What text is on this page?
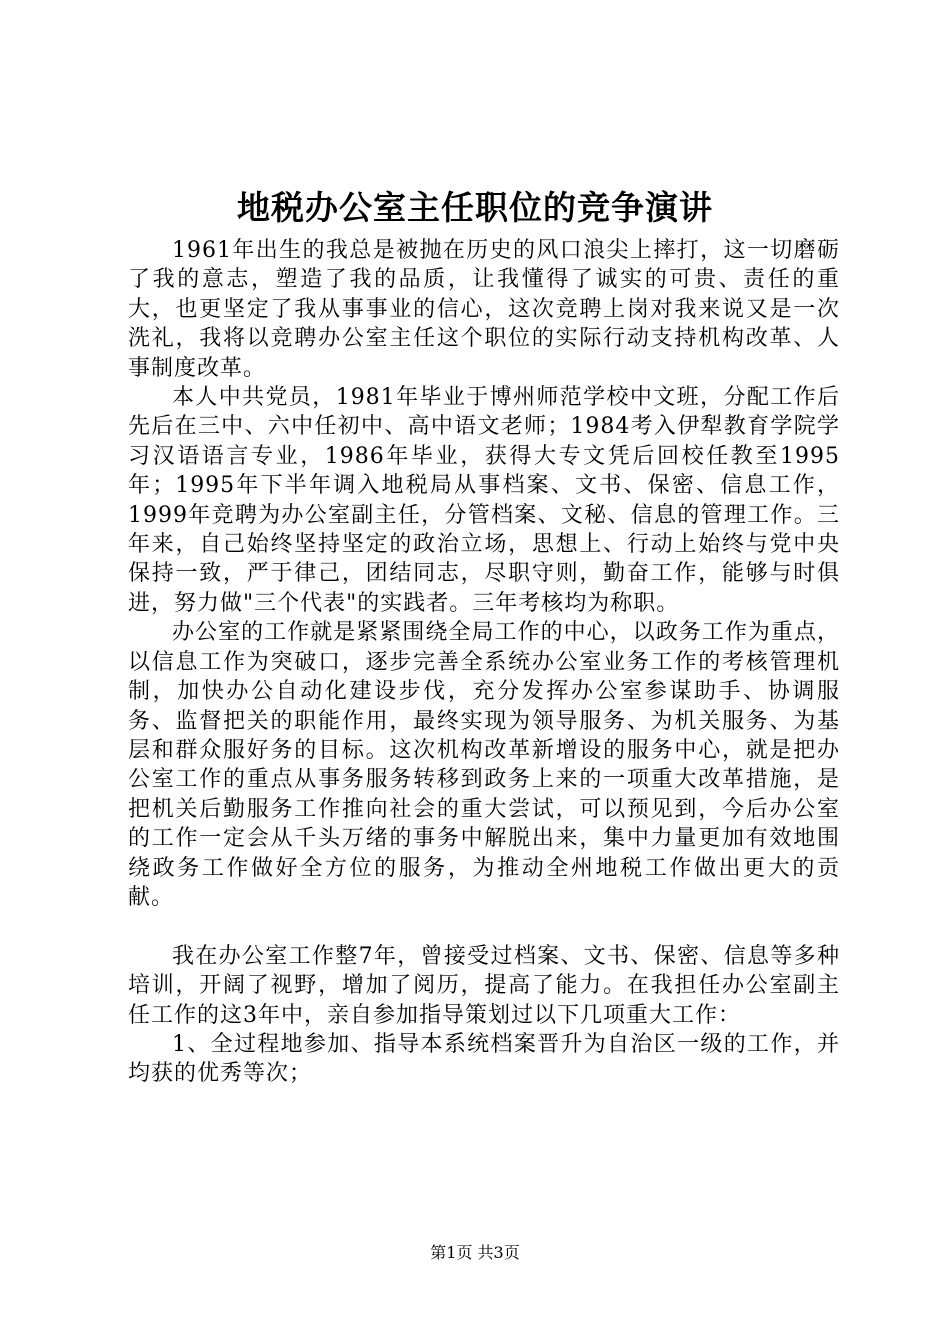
地税办公室主任职位的竞争演讲

1961年出生的我总是被抛在历史的风口浪尖上摔打，这一切磨砺了我的意志，塑造了我的品质，让我懂得了诚实的可贵、责任的重大，也更坚定了我从事事业的信心，这次竞聘上岗对我来说又是一次洗礼，我将以竞聘办公室主任这个职位的实际行动支持机构改革、人事制度改革。

本人中共党员，1981年毕业于博州师范学校中文班，分配工作后先后在三中、六中任初中、高中语文老师；1984考入伊犁教育学院学习汉语语言专业，1986年毕业，获得大专文凭后回校任教至1995年；1995年下半年调入地税局从事档案、文书、保密、信息工作，1999年竞聘为办公室副主任，分管档案、文秘、信息的管理工作。三年来，自己始终坚持坚定的政治立场，思想上、行动上始终与党中央保持一致，严于律己，团结同志，尽职守则，勤奋工作，能够与时俱进，努力做"三个代表"的实践者。三年考核均为称职。

办公室的工作就是紧紧围绕全局工作的中心，以政务工作为重点，以信息工作为突破口，逐步完善全系统办公室业务工作的考核管理机制，加快办公自动化建设步伐，充分发挥办公室参谋助手、协调服务、监督把关的职能作用，最终实现为领导服务、为机关服务、为基层和群众服好务的目标。这次机构改革新增设的服务中心，就是把办公室工作的重点从事务服务转移到政务上来的一项重大改革措施，是把机关后勤服务工作推向社会的重大尝试，可以预见到，今后办公室的工作一定会从千头万绪的事务中解脱出来，集中力量更加有效地围绕政务工作做好全方位的服务，为推动全州地税工作做出更大的贡献。

我在办公室工作整7年，曾接受过档案、文书、保密、信息等多种培训，开阔了视野，增加了阅历，提高了能力。在我担任办公室副主任工作的这3年中，亲自参加指导策划过以下几项重大工作：

1、全过程地参加、指导本系统档案晋升为自治区一级的工作，并均获的优秀等次；

第1页 共3页
